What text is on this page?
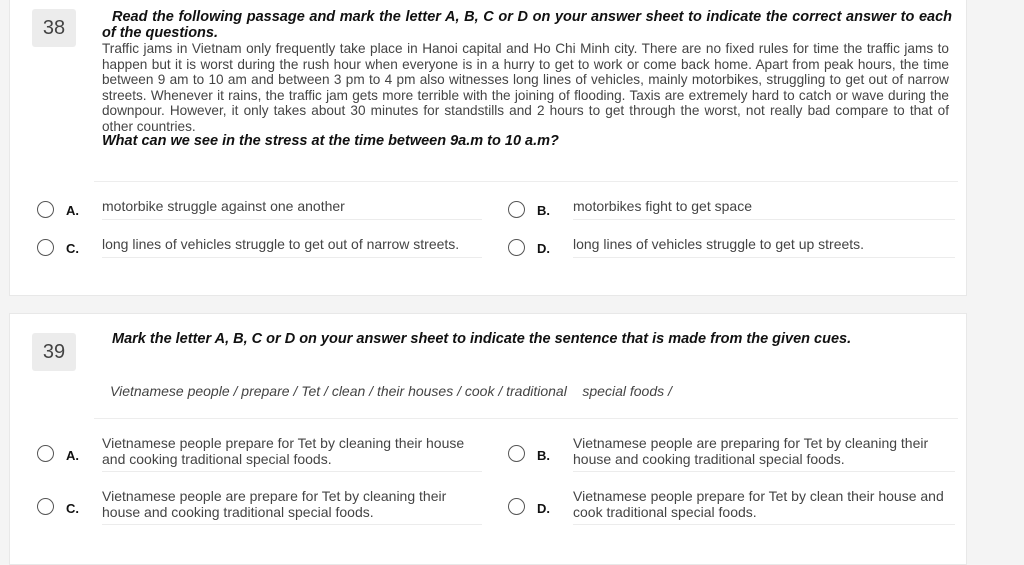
38	Read the following passage and mark the letter A, B, C or D on your answer sheet to indicate the correct answer to each of the questions.
Traffic jams in Vietnam only frequently take place in Hanoi capital and Ho Chi Minh city. There are no fixed rules for time the traffic jams to happen but it is worst during the rush hour when everyone is in a hurry to get to work or come back home. Apart from peak hours, the time between 9 am to 10 am and between 3 pm to 4 pm also witnesses long lines of vehicles, mainly motorbikes, struggling to get out of narrow streets. Whenever it rains, the traffic jam gets more terrible with the joining of flooding. Taxis are extremely hard to catch or wave during the downpour. However, it only takes about 30 minutes for standstills and 2 hours to get through the worst, not really bad compare to that of other countries.
What can we see in the stress at the time between 9a.m to 10 a.m?
A. motorbike struggle against one another	B. motorbikes fight to get space
C. long lines of vehicles struggle to get out of narrow streets.	D. long lines of vehicles struggle to get up streets.
39
Mark the letter A, B, C or D on your answer sheet to indicate the sentence that is made from the given cues.
Vietnamese people / prepare / Tet / clean / their houses / cook / traditional    special foods /
A.
Vietnamese people prepare for Tet by cleaning their house and cooking traditional special foods.	B.
Vietnamese people are preparing for Tet by cleaning their house and cooking traditional special foods.
C.
Vietnamese people are prepare for Tet by cleaning their house and cooking traditional special foods.	D.
Vietnamese people prepare for Tet by clean their house and cook traditional special foods.
